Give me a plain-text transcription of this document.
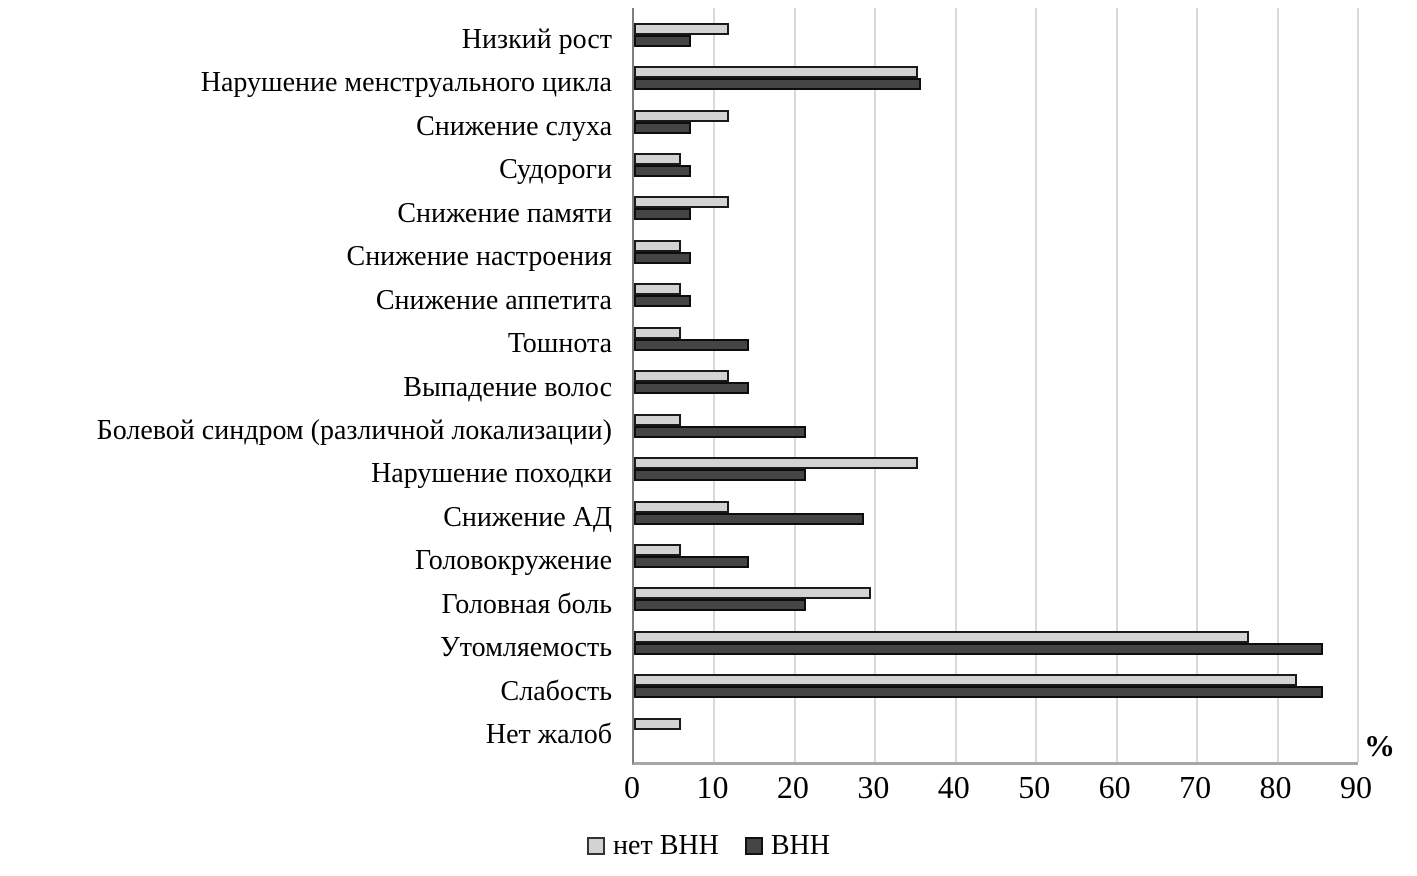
Низкий рост
Нарушение менструального цикла
Снижение слуха
Судороги
Снижение памяти
Снижение настроения
Снижение аппетита
Тошнота
Выпадение волос
Болевой синдром (различной локализации)
Нарушение походки
Снижение АД
Головокружение
Головная боль
Утомляемость
Слабость
Нет жалоб
0 10 20 30 40 50 60 70 80 90
%
нет ВНН ВНН
